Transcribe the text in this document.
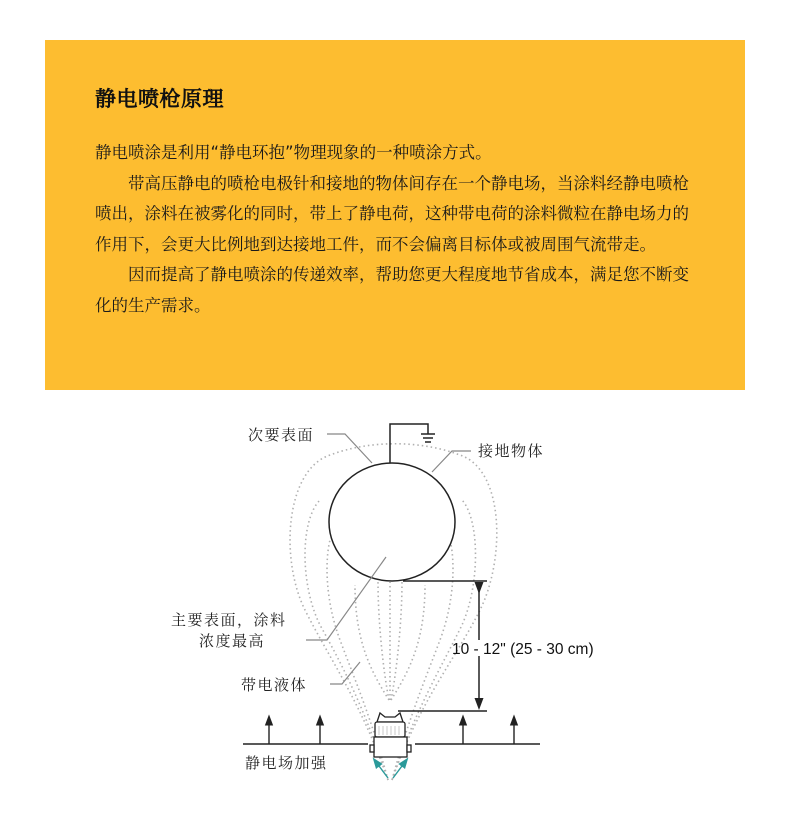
静电喷枪原理

静电喷涂是利用“静电环抱”物理现象的一种喷涂方式。

带高压静电的喷枪电极针和接地的物体间存在一个静电场，当涂料经静电喷枪喷出，涂料在被雾化的同时，带上了静电荷，这种带电荷的涂料微粒在静电场力的作用下，会更大比例地到达接地工件，而不会偏离目标体或被周围气流带走。

因而提高了静电喷涂的传递效率，帮助您更大程度地节省成本，满足您不断变化的生产需求。

次要表面
接地物体
主要表面，涂料
浓度最高	10 - 12" (25 - 30 cm)
带电液体
静电场加强
